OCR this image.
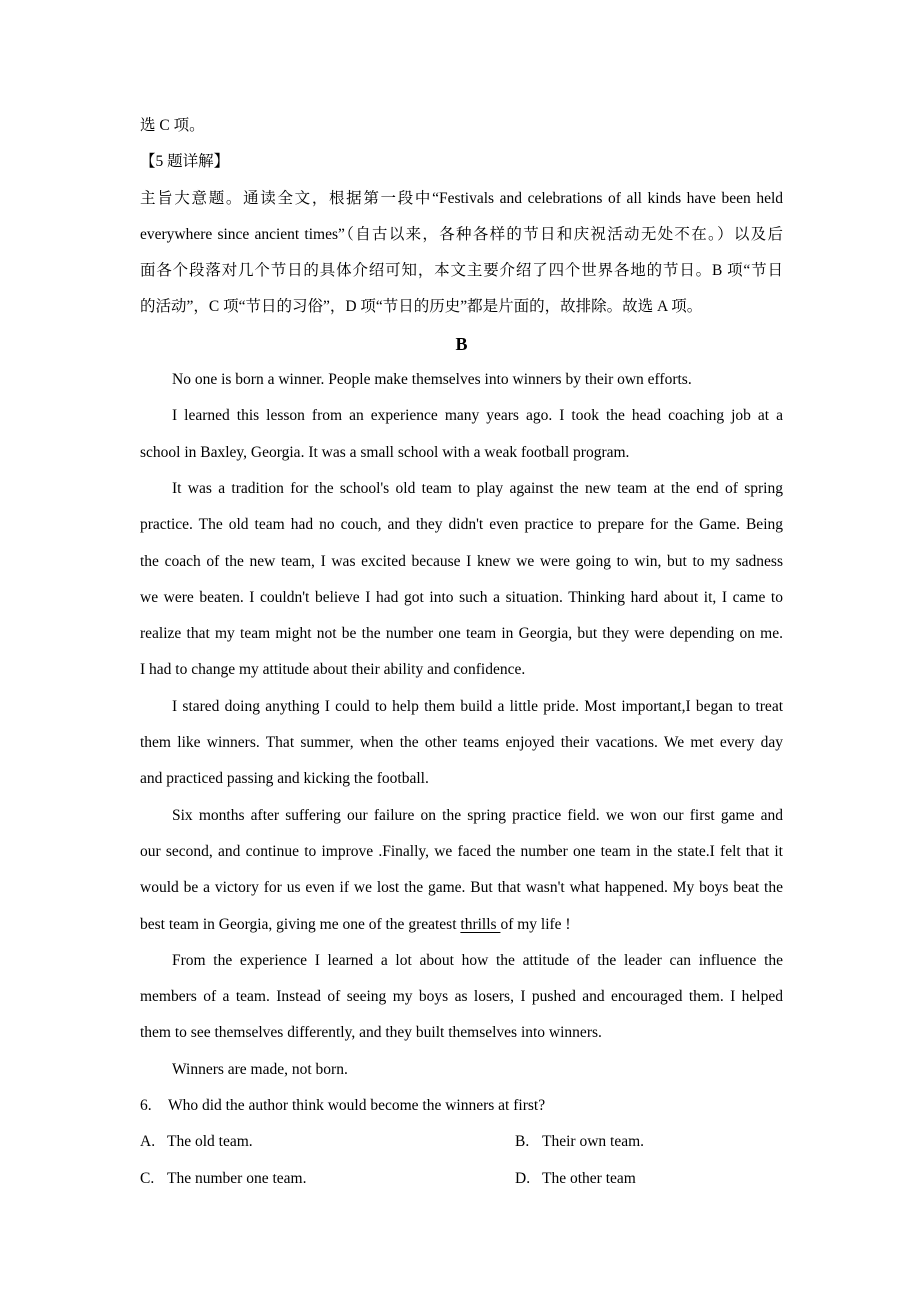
选 C 项。
【5 题详解】
主旨大意题。通读全文，根据第一段中“Festivals and celebrations of all kinds have been held
everywhere since ancient times”（自古以来，各种各样的节日和庆祝活动无处不在。）以及后
面各个段落对几个节日的具体介绍可知，本文主要介绍了四个世界各地的节日。B 项“节日
的活动”，C 项“节日的习俗”，D 项“节日的历史”都是片面的，故排除。故选 A 项。
B
No one is born a winner. People make themselves into winners by their own efforts.
I learned this lesson from an experience many years ago. I took the head coaching job at a
school in Baxley, Georgia. It was a small school with a weak football program.
It was a tradition for the school's old team to play against the new team at the end of spring
practice. The old team had no couch, and they didn't even practice to prepare for the Game. Being
the coach of the new team, I was excited because I knew we were going to win, but to my sadness
we were beaten. I couldn't believe I had got into such a situation. Thinking hard about it, I came to
realize that my team might not be the number one team in Georgia, but they were depending on me.
I had to change my attitude about their ability and confidence.
I stared doing anything I could to help them build a little pride. Most important,I began to treat
them like winners. That summer, when the other teams enjoyed their vacations. We met every day
and practiced passing and kicking the football.
Six months after suffering our failure on the spring practice field. we won our first game and
our second, and continue to improve .Finally, we faced the number one team in the state.I felt that it
would be a victory for us even if we lost the game. But that wasn't what happened. My boys beat the
best team in Georgia, giving me one of the greatest thrills of my life !
From the experience I learned a lot about how the attitude of the leader can influence the
members of a team. Instead of seeing my boys as losers, I pushed and encouraged them. I helped
them to see themselves differently, and they built themselves into winners.
Winners are made, not born.
6. Who did the author think would become the winners at first?
A. The old team.	B. Their own team.
C. The number one team.	D. The other team
